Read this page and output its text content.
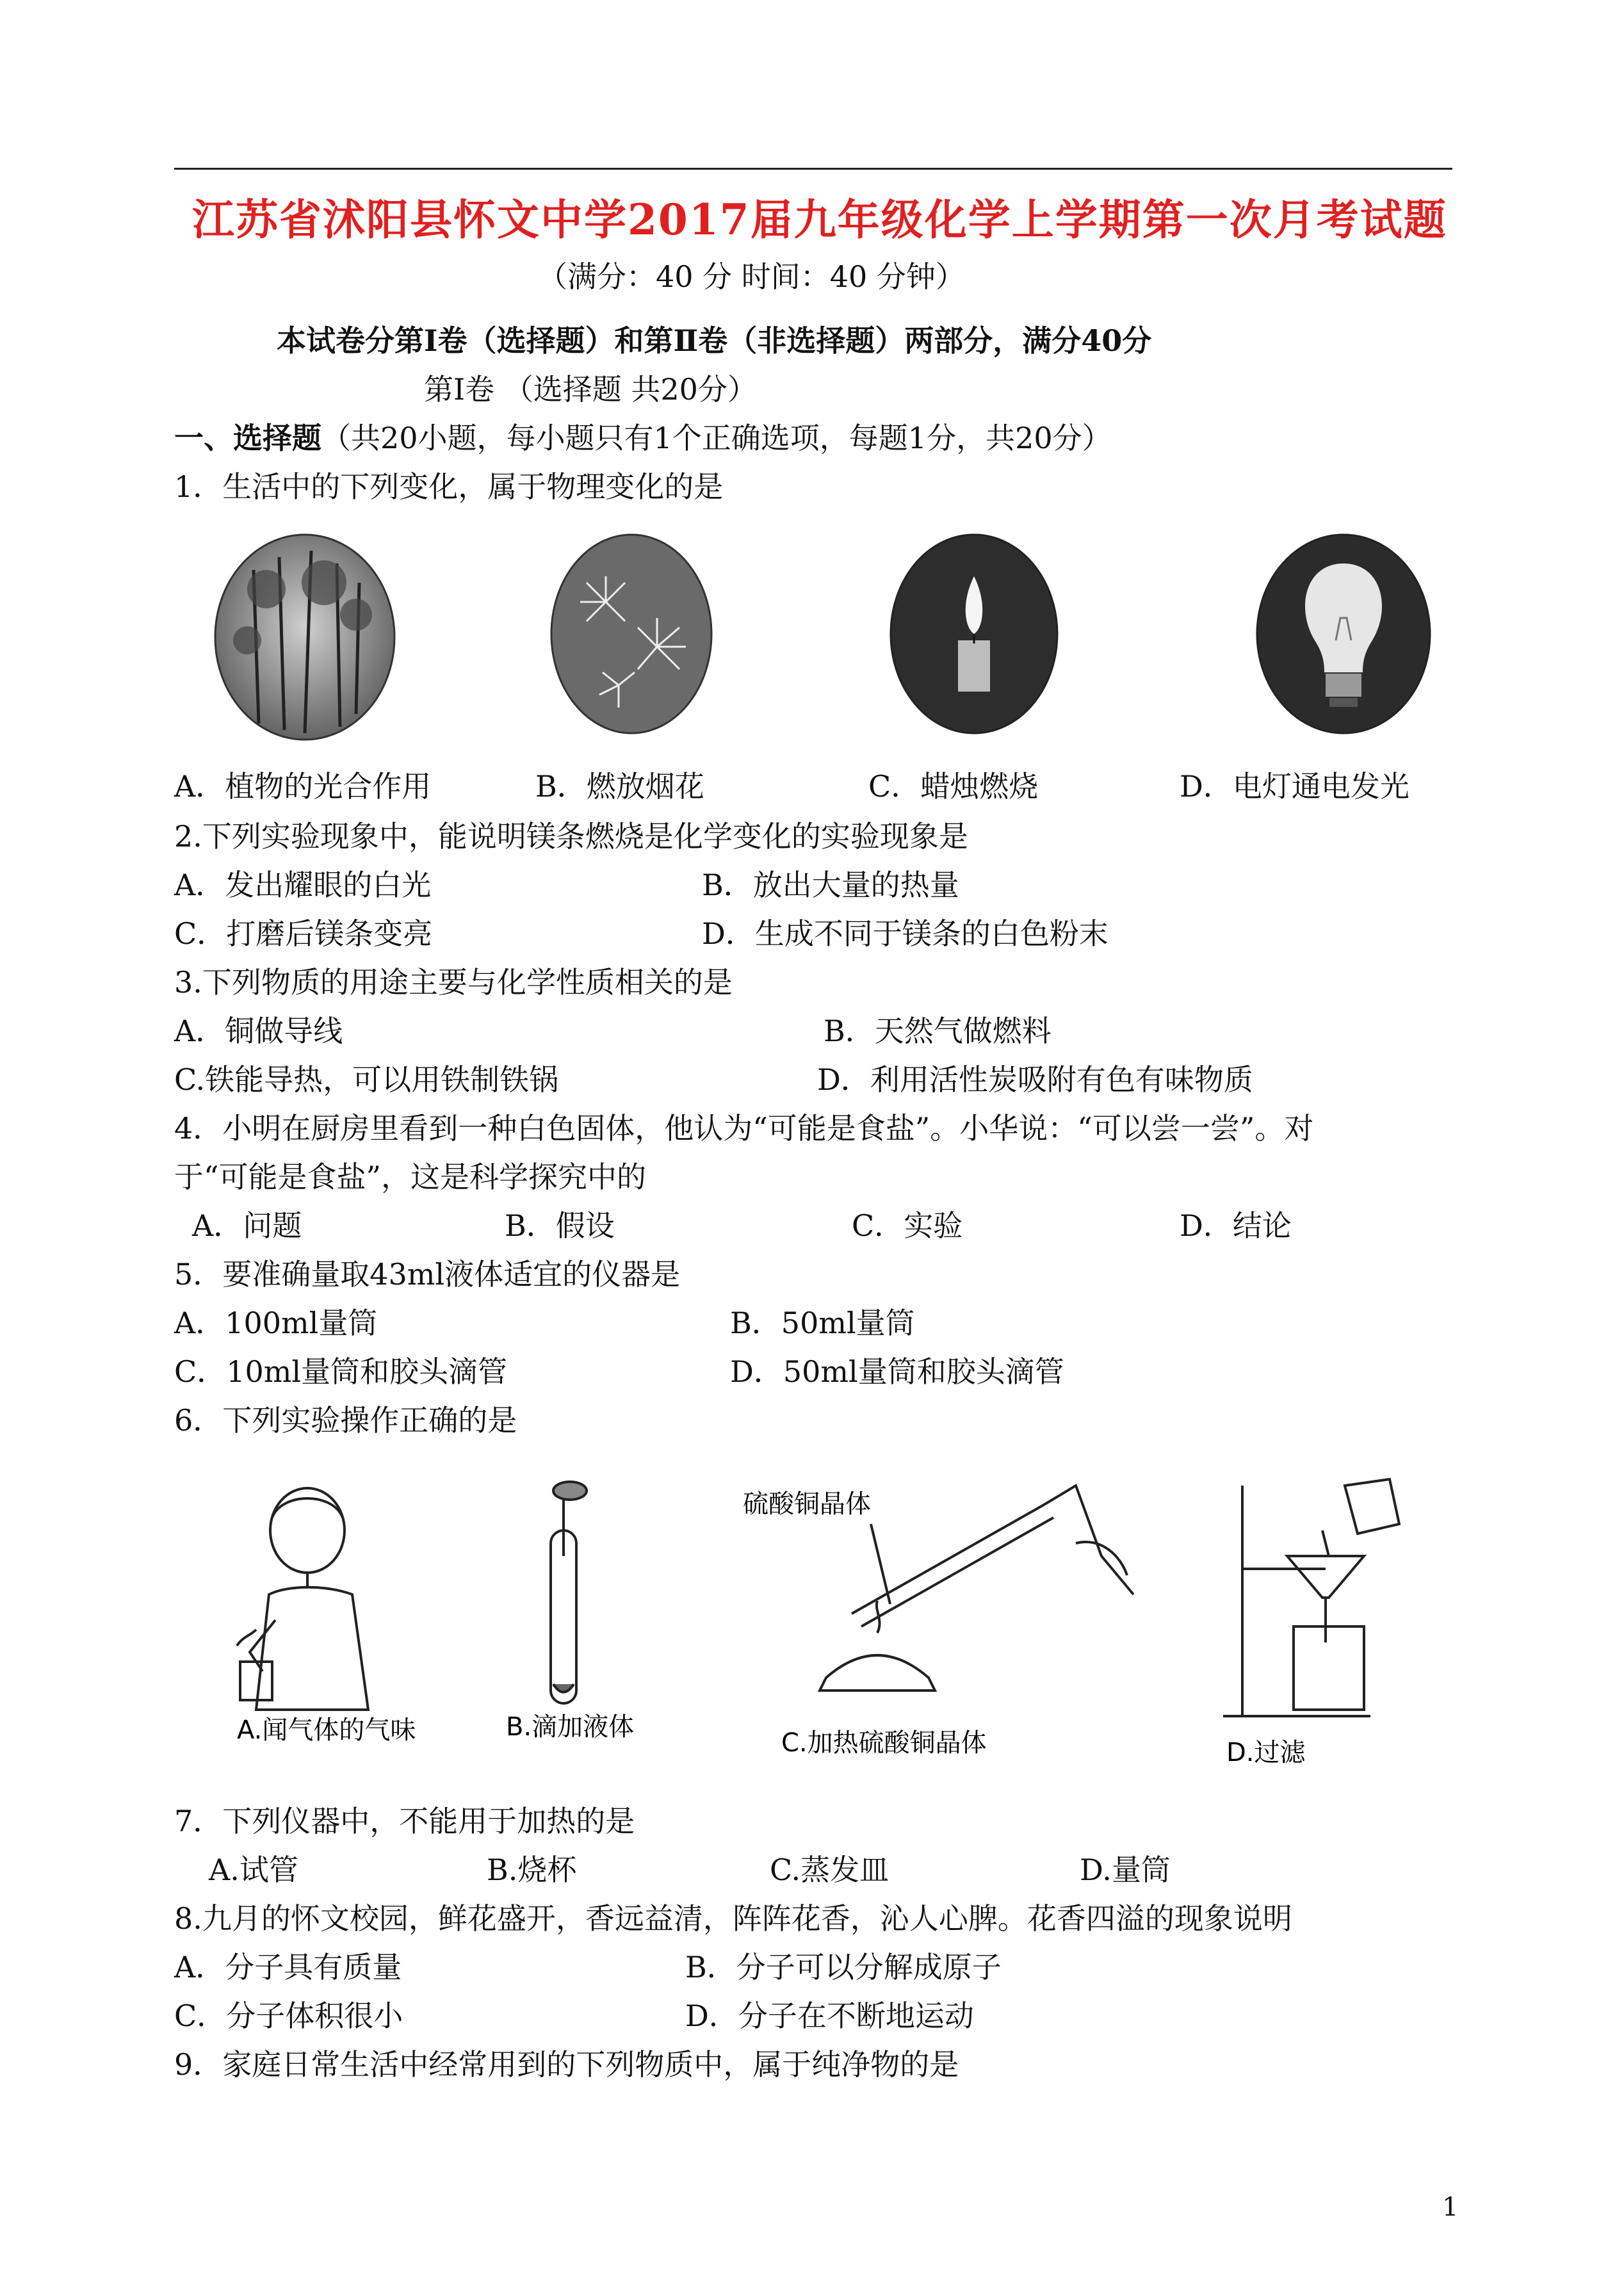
江苏省沭阳县怀文中学2017届九年级化学上学期第一次月考试题
（满分：40 分 时间：40 分钟）
本试卷分第Ⅰ卷（选择题）和第Ⅱ卷（非选择题）两部分，满分40分
第Ⅰ卷 （选择题 共20分）
一、选择题（共20小题，每小题只有1个正确选项，每题1分，共20分）
1．生活中的下列变化，属于物理变化的是
A．植物的光合作用	B．燃放烟花	C．蜡烛燃烧	D．电灯通电发光
2.下列实验现象中，能说明镁条燃烧是化学变化的实验现象是
A．发出耀眼的白光	B．放出大量的热量
C．打磨后镁条变亮	D．生成不同于镁条的白色粉末
3.下列物质的用途主要与化学性质相关的是
A．铜做导线	B．天然气做燃料
C.铁能导热，可以用铁制铁锅	D．利用活性炭吸附有色有味物质
4．小明在厨房里看到一种白色固体，他认为“可能是食盐”。小华说：“可以尝一尝”。对
于“可能是食盐”，这是科学探究中的
A．问题	B．假设	C．实验	D．结论
5．要准确量取43ml液体适宜的仪器是
A．100ml量筒	B．50ml量筒
C．10ml量筒和胶头滴管	D．50ml量筒和胶头滴管
6．下列实验操作正确的是
A.闻气体的气味	B.滴加液体
硫酸铜晶体
C.加热硫酸铜晶体	D.过滤
7．下列仪器中，不能用于加热的是
A.试管	B.烧杯	C.蒸发皿	D.量筒
8.九月的怀文校园，鲜花盛开，香远益清，阵阵花香，沁人心脾。花香四溢的现象说明
A．分子具有质量	B．分子可以分解成原子
C．分子体积很小	D．分子在不断地运动
9．家庭日常生活中经常用到的下列物质中，属于纯净物的是
1
